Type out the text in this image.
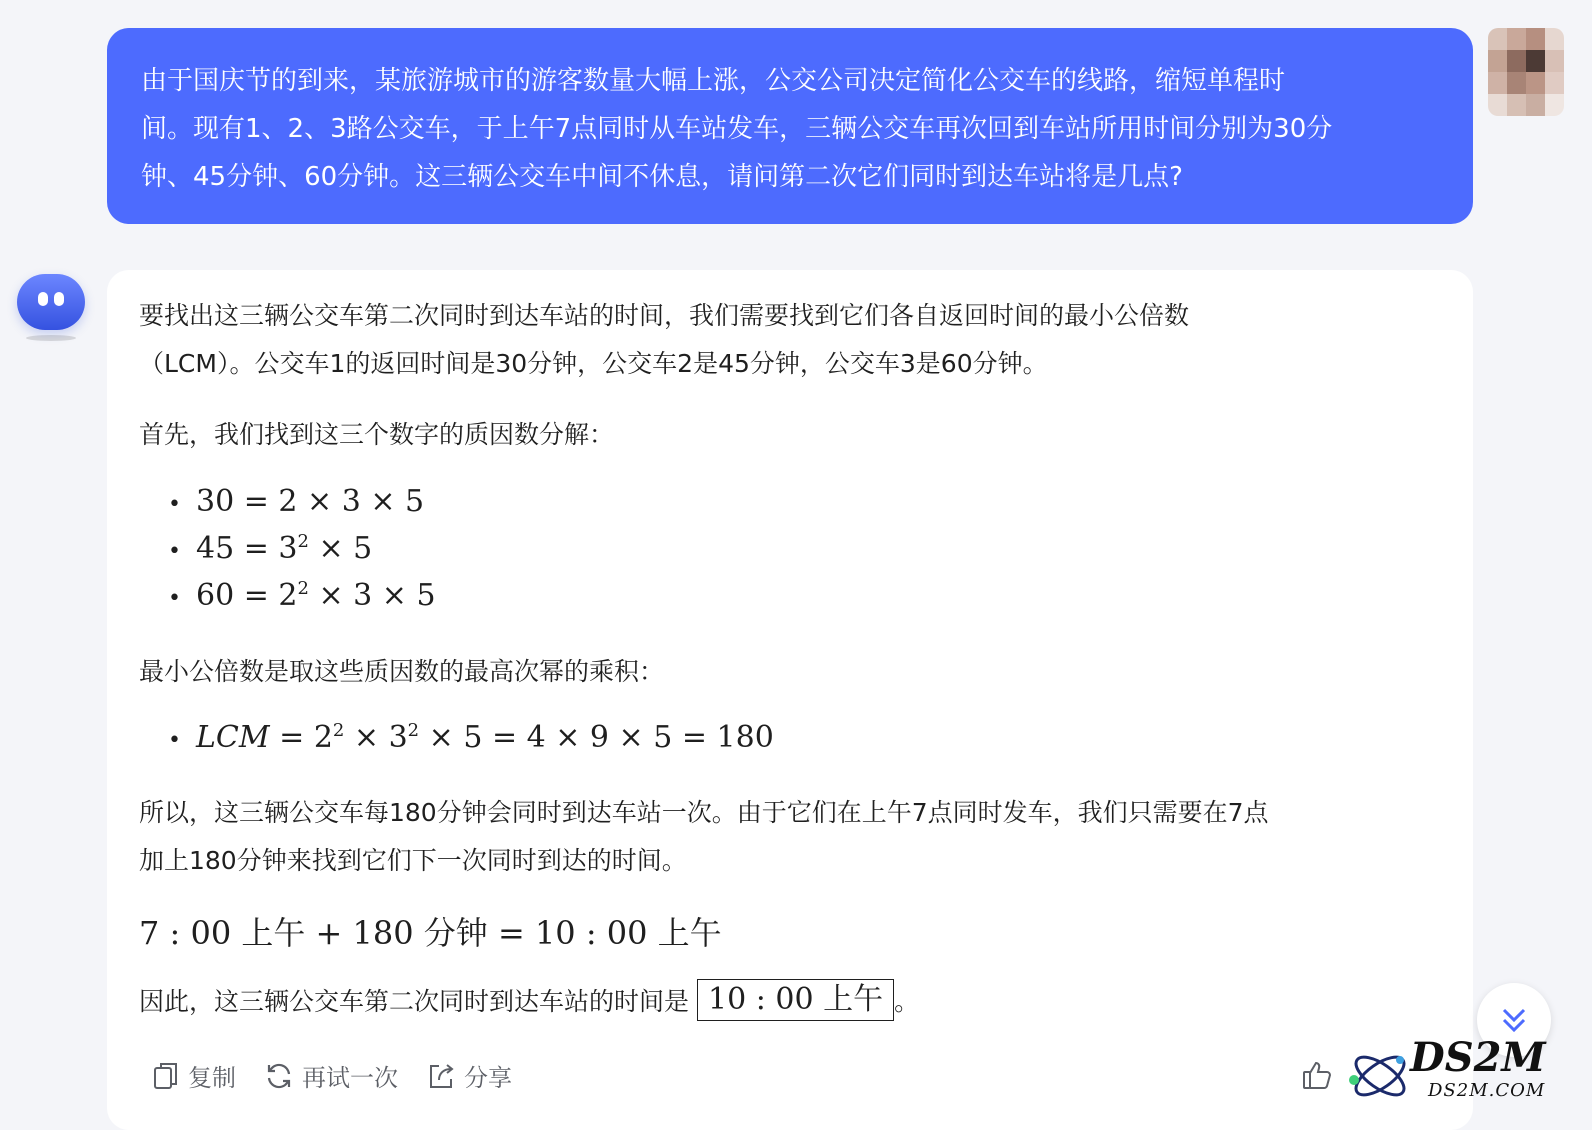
由于国庆节的到来，某旅游城市的游客数量大幅上涨，公交公司决定简化公交车的线路，缩短单程时
间。现有1、2、3路公交车，于上午7点同时从车站发车，三辆公交车再次回到车站所用时间分别为30分
钟、45分钟、60分钟。这三辆公交车中间不休息，请问第二次它们同时到达车站将是几点?

要找出这三辆公交车第二次同时到达车站的时间，我们需要找到它们各自返回时间的最小公倍数

（LCM）。公交车1的返回时间是30分钟，公交车2是45分钟，公交车3是60分钟。

首先，我们找到这三个数字的质因数分解：

• 30 = 2 × 3 × 5
• $45 = 3^2 \times 5$
• $60 = 2^2 \times 3 \times 5$

最小公倍数是取这些质因数的最高次幂的乘积：

• LCM = $2^2 \times 3^2 \times 5 = 4 \times 9 \times 5 = 180$

所以，这三辆公交车每180分钟会同时到达车站一次。由于它们在上午7点同时发车，我们只需要在7点

加上180分钟来找到它们下一次同时到达的时间。

7 : 00 上午 + 180 分钟 = 10 : 00 上午
因此，这三辆公交车第二次同时到达车站的时间是 10 : 00 上午 。
复制	再试一次	分享	DS2M
DS2M.COM
